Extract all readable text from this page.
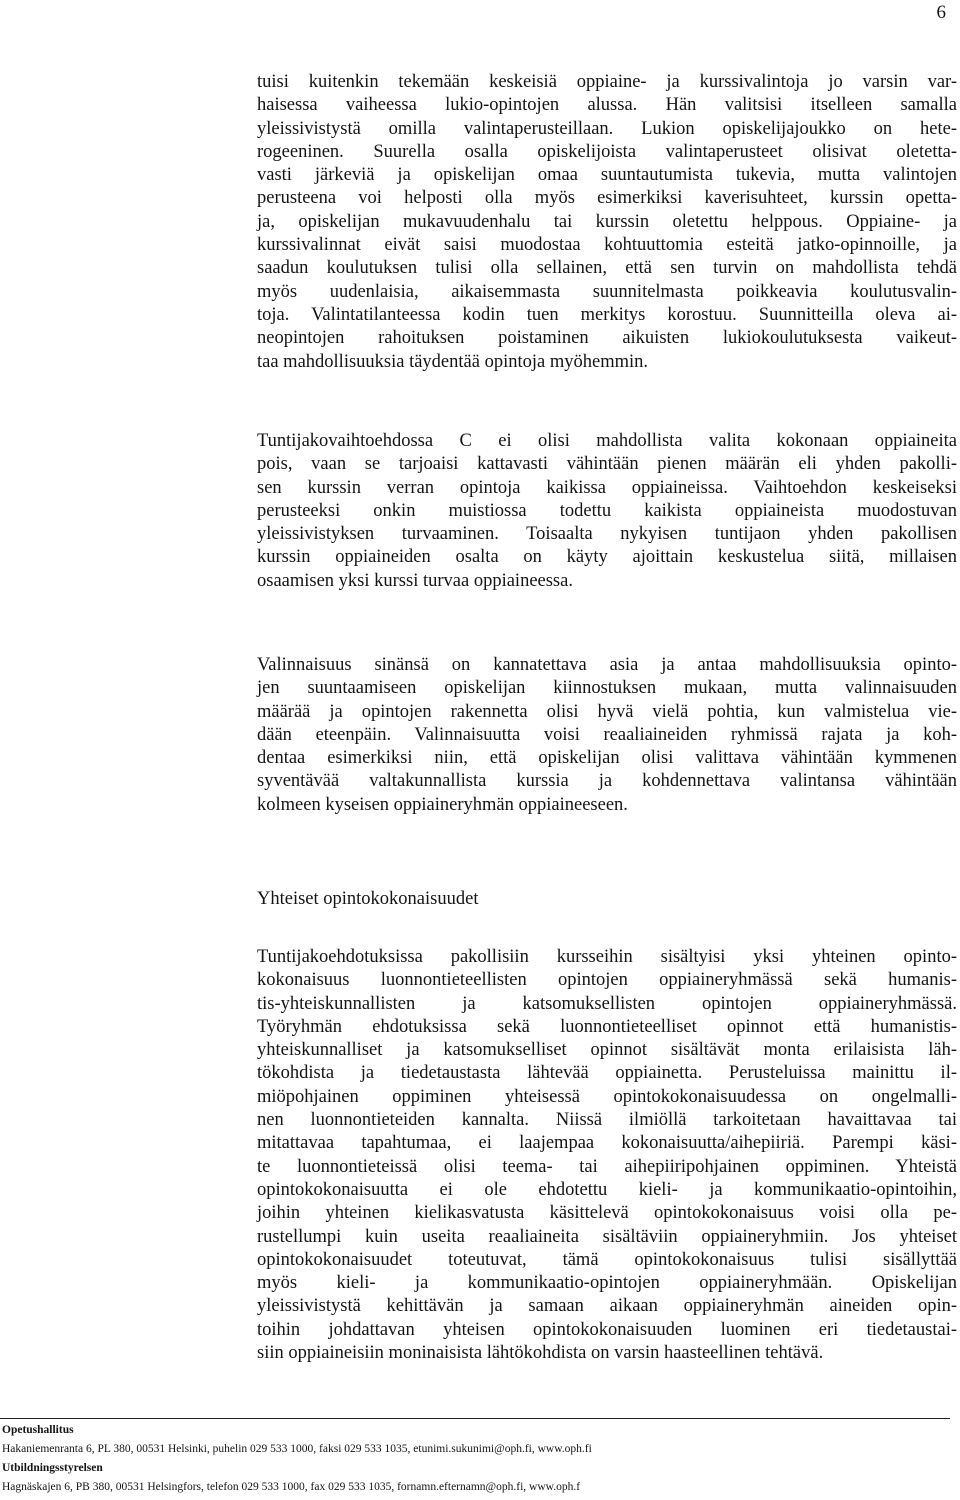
6
tuisi kuitenkin tekemään keskeisiä oppiaine- ja kurssivalintoja jo varsin var-
haisessa vaiheessa lukio-opintojen alussa. Hän valitsisi itselleen samalla
yleissivistystä omilla valintaperusteillaan. Lukion opiskelijajoukko on hete-
rogeeninen. Suurella osalla opiskelijoista valintaperusteet olisivat oletetta-
vasti järkeviä ja opiskelijan omaa suuntautumista tukevia, mutta valintojen
perusteena voi helposti olla myös esimerkiksi kaverisuhteet, kurssin opetta-
ja, opiskelijan mukavuudenhalu tai kurssin oletettu helppous. Oppiaine- ja
kurssivalinnat eivät saisi muodostaa kohtuuttomia esteitä jatko-opinnoille, ja
saadun koulutuksen tulisi olla sellainen, että sen turvin on mahdollista tehdä
myös uudenlaisia, aikaisemmasta suunnitelmasta poikkeavia koulutusvalin-
toja. Valintatilanteessa kodin tuen merkitys korostuu. Suunnitteilla oleva ai-
neopintojen rahoituksen poistaminen aikuisten lukiokoulutuksesta vaikeut-
taa mahdollisuuksia täydentää opintoja myöhemmin.
Tuntijakovaihtoehdossa C ei olisi mahdollista valita kokonaan oppiaineita
pois, vaan se tarjoaisi kattavasti vähintään pienen määrän eli yhden pakolli-
sen kurssin verran opintoja kaikissa oppiaineissa. Vaihtoehdon keskeiseksi
perusteeksi onkin muistiossa todettu kaikista oppiaineista muodostuvan
yleissivistyksen turvaaminen. Toisaalta nykyisen tuntijaon yhden pakollisen
kurssin oppiaineiden osalta on käyty ajoittain keskustelua siitä, millaisen
osaamisen yksi kurssi turvaa oppiaineessa.
Valinnaisuus sinänsä on kannatettava asia ja antaa mahdollisuuksia opinto-
jen suuntaamiseen opiskelijan kiinnostuksen mukaan, mutta valinnaisuuden
määrää ja opintojen rakennetta olisi hyvä vielä pohtia, kun valmistelua vie-
dään eteenpäin. Valinnaisuutta voisi reaaliaineiden ryhmissä rajata ja koh-
dentaa esimerkiksi niin, että opiskelijan olisi valittava vähintään kymmenen
syventävää valtakunnallista kurssia ja kohdennettava valintansa vähintään
kolmeen kyseisen oppiaineryhmän oppiaineeseen.
Yhteiset opintokokonaisuudet
Tuntijakoehdotuksissa pakollisiin kursseihin sisältyisi yksi yhteinen opinto-
kokonaisuus luonnontieteellisten opintojen oppiaineryhmässä sekä humanis-
tis-yhteiskunnallisten ja katsomuksellisten opintojen oppiaineryhmässä.
Työryhmän ehdotuksissa sekä luonnontieteelliset opinnot että humanistis-
yhteiskunnalliset ja katsomukselliset opinnot sisältävät monta erilaisista läh-
tökohdista ja tiedetaustasta lähtevää oppiainetta. Perusteluissa mainittu il-
miöpohjainen oppiminen yhteisessä opintokokonaisuudessa on ongelmalli-
nen luonnontieteiden kannalta. Niissä ilmiöllä tarkoitetaan havaittavaa tai
mitattavaa tapahtumaa, ei laajempaa kokonaisuutta/aihepiiriä. Parempi käsi-
te luonnontieteissä olisi teema- tai aihepiiripohjainen oppiminen. Yhteistä
opintokokonaisuutta ei ole ehdotettu kieli- ja kommunikaatio-opintoihin,
joihin yhteinen kielikasvatusta käsittelevä opintokokonaisuus voisi olla pe-
rustellumpi kuin useita reaaliaineita sisältäviin oppiaineryhmiin. Jos yhteiset
opintokokonaisuudet toteutuvat, tämä opintokokonaisuus tulisi sisällyttää
myös kieli- ja kommunikaatio-opintojen oppiaineryhmään. Opiskelijan
yleissivistystä kehittävän ja samaan aikaan oppiaineryhmän aineiden opin-
toihin johdattavan yhteisen opintokokonaisuuden luominen eri tiedetaustai-
siin oppiaineisiin moninaisista lähtökohdista on varsin haasteellinen tehtävä.
Opetushallitus
Hakaniemenranta 6, PL 380, 00531 Helsinki, puhelin 029 533 1000, faksi 029 533 1035, etunimi.sukunimi@oph.fi, www.oph.fi
Utbildningsstyrelsen
Hagnäskajen 6, PB 380, 00531 Helsingfors, telefon 029 533 1000, fax 029 533 1035, fornamn.efternamn@oph.fi, www.oph.f
